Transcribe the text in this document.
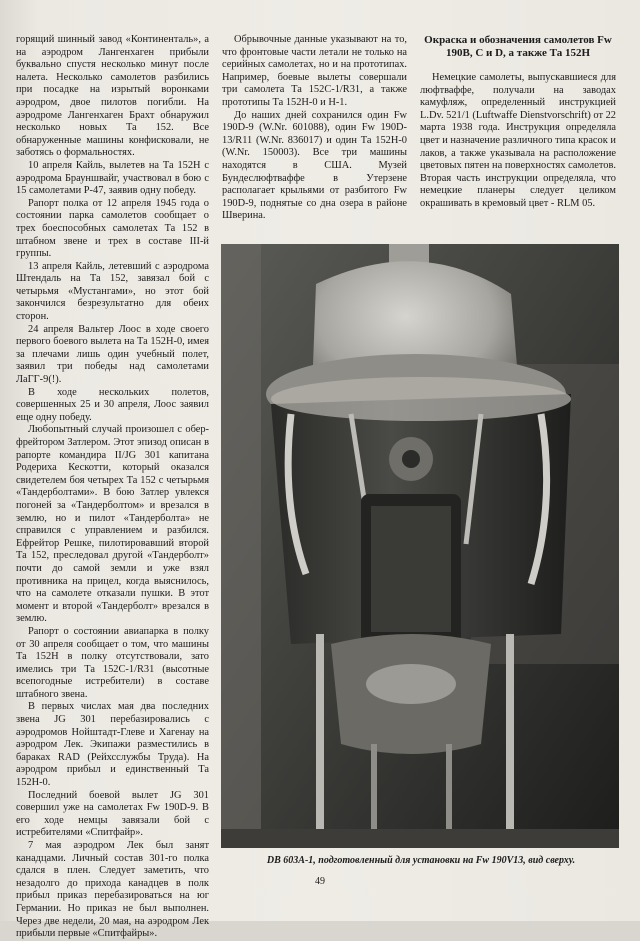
горящий шинный завод «Континенталь», а на аэродром Лангенхаген прибыли буквально спустя несколько минут после налета. Несколько самолетов разбились при посадке на изрытый воронками аэродром, двое пилотов погибли. На аэродроме Лангенхаген Брахт обнаружил несколько новых Та 152. Все обнаруженные машины конфисковали, не заботясь о формальностях.

10 апреля Кайль, вылетев на Та 152Н с аэродрома Брауншвайг, участвовал в бою с 15 самолетами Р-47, заявив одну победу.

Рапорт полка от 12 апреля 1945 года о состоянии парка самолетов сообщает о трех боеспособных самолетах Та 152 в штабном звене и трех в составе III-й группы.

13 апреля Кайль, летевший с аэродрома Штендаль на Та 152, завязал бой с четырьмя «Мустангами», но этот бой закончился безрезультатно для обеих сторон.

24 апреля Вальтер Лоос в ходе своего первого боевого вылета на Та 152Н-0, имея за плечами лишь один учебный полет, заявил три победы над самолетами ЛаГГ-9(!).

В ходе нескольких полетов, совершенных 25 и 30 апреля, Лоос заявил еще одну победу.

Любопытный случай произошел с обер-фрейтором Затлером. Этот эпизод описан в рапорте командира II/JG 301 капитана Родериха Кескотти, который оказался свидетелем боя четырех Та 152 с четырьмя «Тандерболтами». В бою Затлер увлекся погоней за «Тандерболтом» и врезался в землю, но и пилот «Тандерболта» не справился с управлением и разбился. Ефрейтор Решке, пилотировавший второй Та 152, преследовал другой «Тандерболт» почти до самой земли и уже взял противника на прицел, когда выяснилось, что на самолете отказали пушки. В этот момент и второй «Тандерболт» врезался в землю.

Рапорт о состоянии авиапарка в полку от 30 апреля сообщает о том, что машины Та 152Н в полку отсутствовали, зато имелись три Та 152С-1/R31 (высотные всепогодные истребители) в составе штабного звена.

В первых числах мая два последних звена JG 301 перебазировались с аэродромов Нойштадт-Глеве и Хагенау на аэродром Лек. Экипажи разместились в бараках RAD (Рейхсслужбы Труда). На аэродром прибыл и единственный Та 152Н-0.

Последний боевой вылет JG 301 совершил уже на самолетах Fw 190D-9. В его ходе немцы завязали бой с истребителями «Спитфайр».

7 мая аэродром Лек был занят канадцами. Личный состав 301-го полка сдался в плен. Следует заметить, что незадолго до прихода канадцев в полк прибыл приказ перебазироваться на юг Германии. Но приказ не был выполнен. Через две недели, 20 мая, на аэродром Лек прибыли первые «Спитфайры».

Обрывочные данные указывают на то, что фронтовые части летали не только на серийных самолетах, но и на прототипах. Например, боевые вылеты совершали три самолета Та 152С-1/R31, а также прототипы Та 152Н-0 и Н-1.

До наших дней сохранился один Fw 190D-9 (W.Nr. 601088), один Fw 190D-13/R11 (W.Nr. 836017) и один Та 152Н-0 (W.Nr. 150003). Все три машины находятся в США. Музей Бундеслюфтваффе в Утерзене располагает крыльями от разбитого Fw 190D-9, поднятые со дна озера в районе Шверина.

Окраска и обозначения самолетов Fw 190В, С и D, а также Та 152Н

Немецкие самолеты, выпускавшиеся для люфтваффе, получали на заводах камуфляж, определенный инструкцией L.Dv. 521/1 (Luftwaffe Dienstvorschrift) от 22 марта 1938 года. Инструкция определяла цвет и назначение различного типа красок и лаков, а также указывала на расположение цветовых пятен на поверхностях самолетов. Вторая часть инструкции определяла, что немецкие планеры следует целиком окрашивать в кремовый цвет - RLM 05.

DB 603A-1, подготовленный для установки на Fw 190V13, вид сверху.
49
